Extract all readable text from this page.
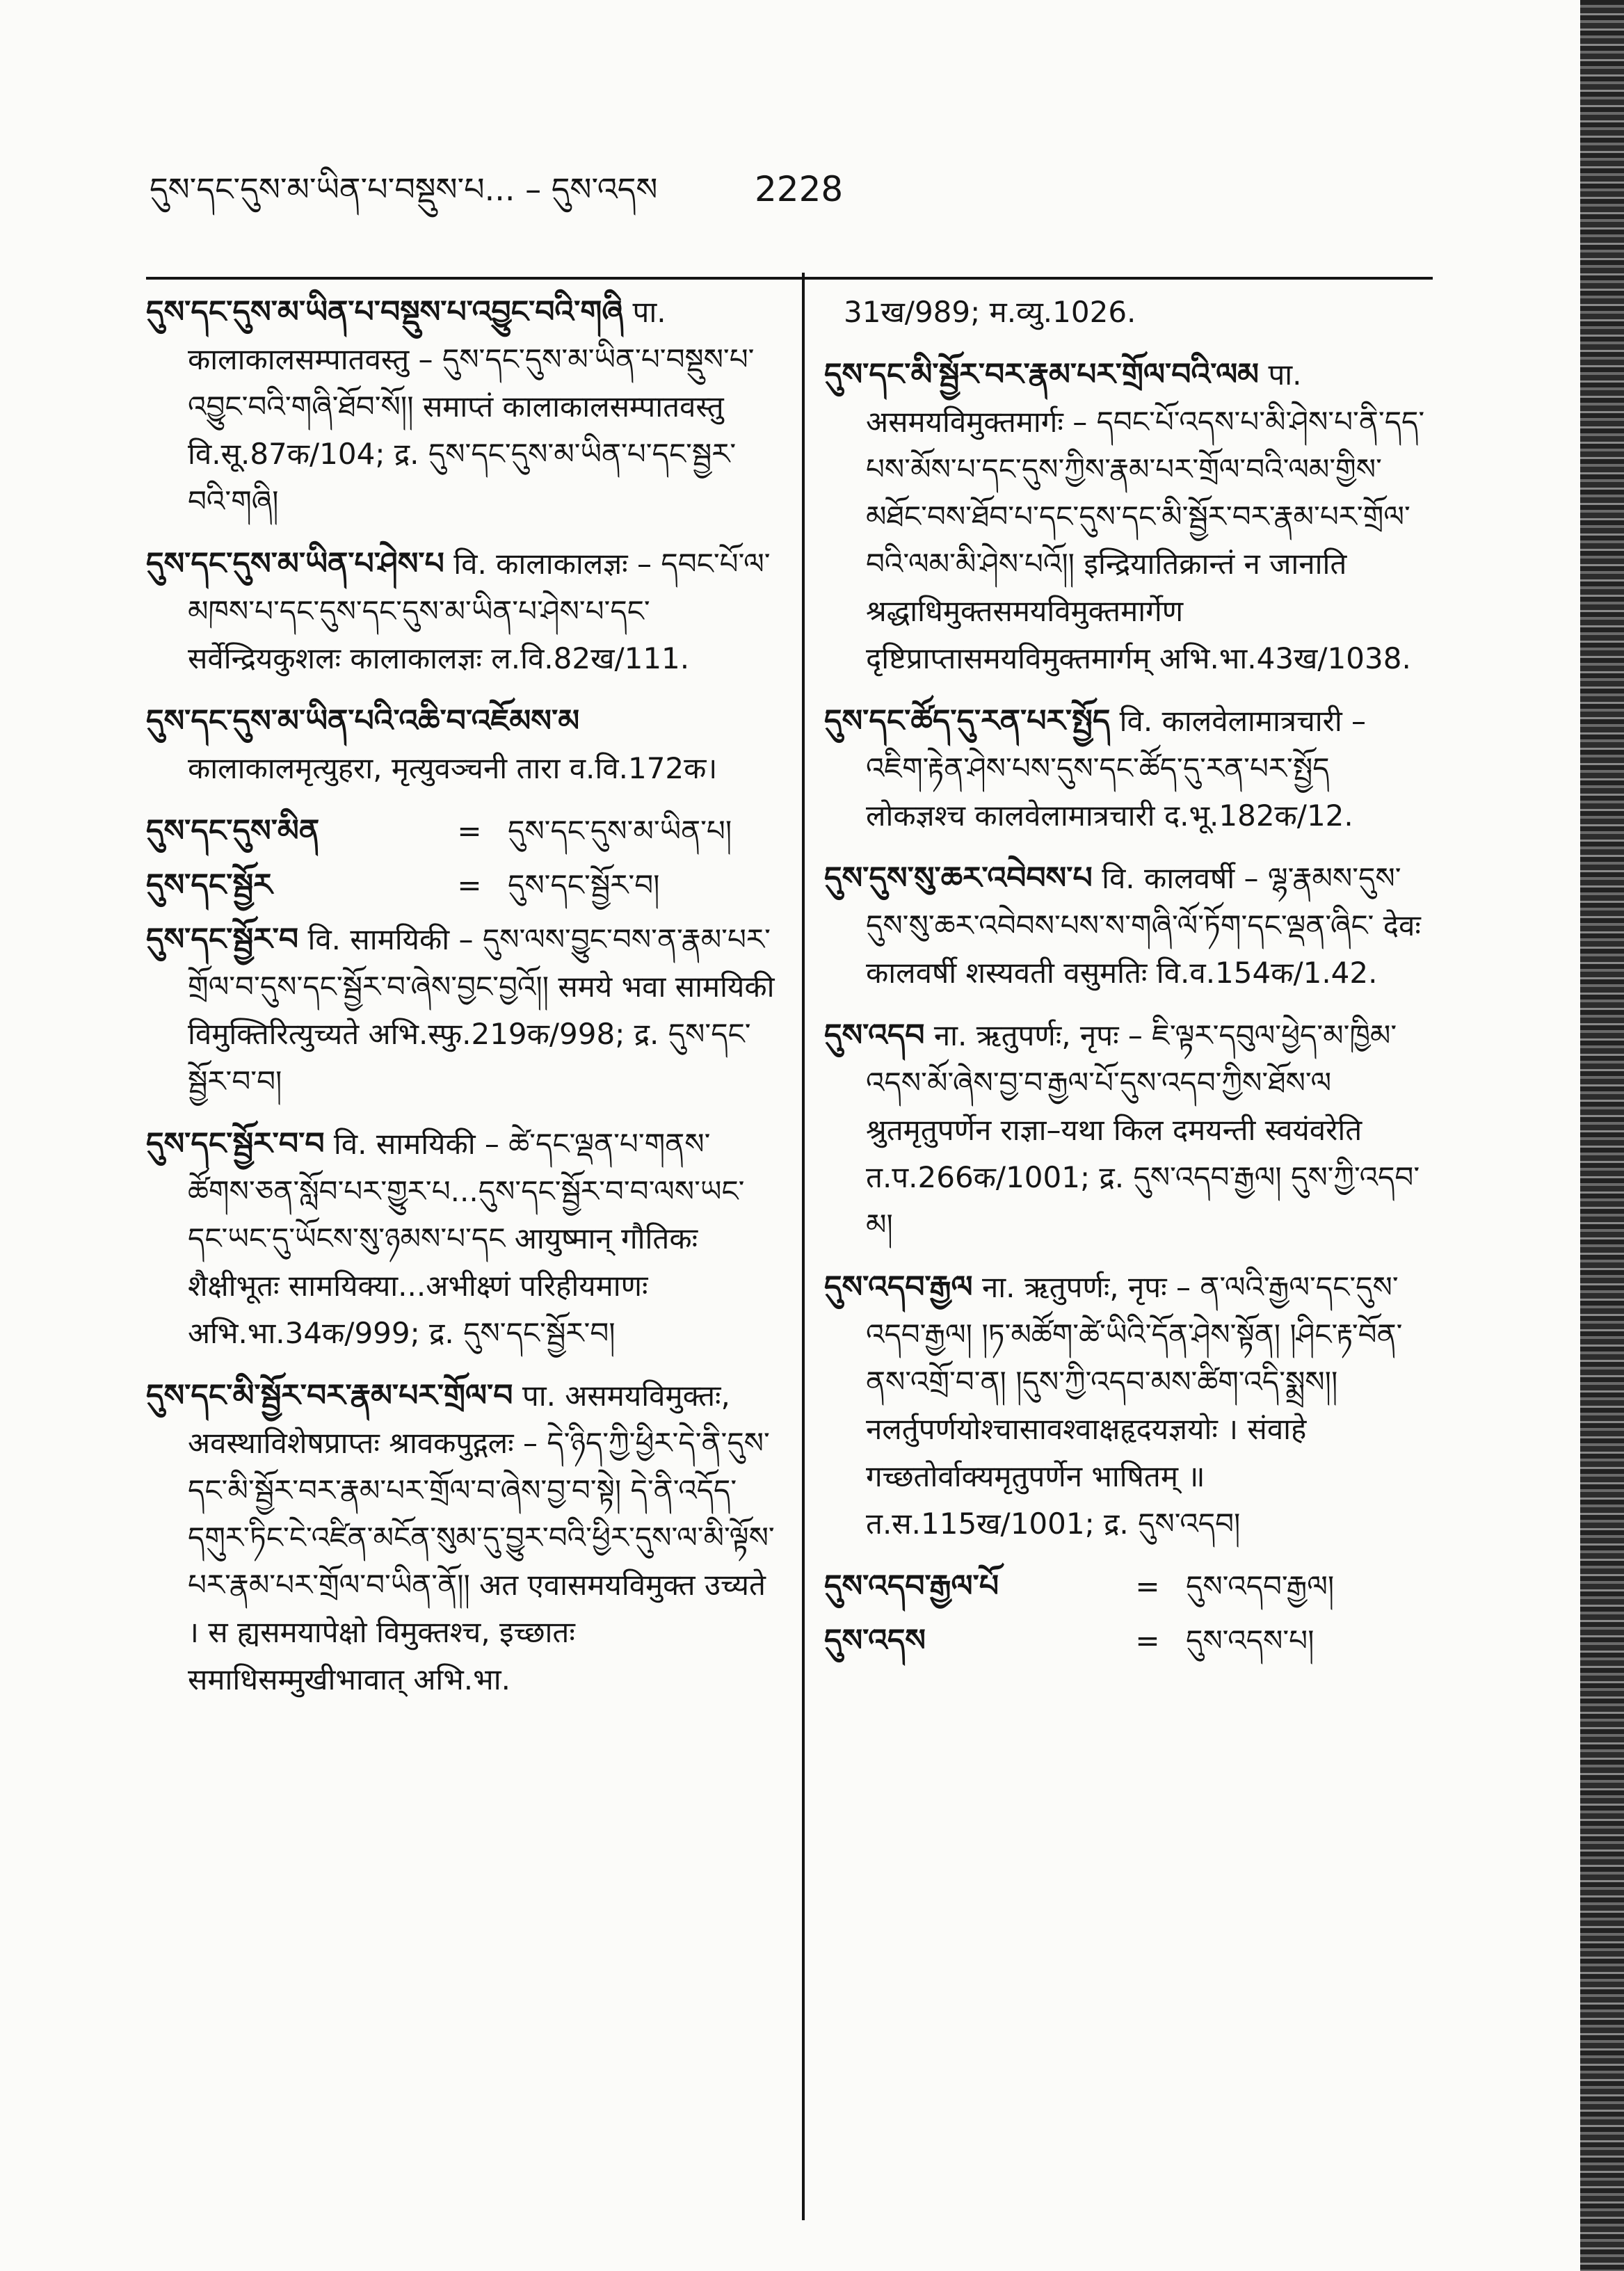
དུས་དང་དུས་མ་ཡིན་པ་བསྡུས་པ... – དུས་འདས	2228
དུས་དང་དུས་མ་ཡིན་པ་བསྡུས་པ་འབྱུང་བའི་གཞི पा. कालाकालसम्पातवस्तु – དུས་དང་དུས་མ་ཡིན་པ་བསྡུས་པ་འབྱུང་བའི་གཞི་ཐོབ་སོ།། समाप्तं कालाकालसम्पातवस्तु वि.सू.87क/104; द्र. དུས་དང་དུས་མ་ཡིན་པ་དང་སྦྱར་བའི་གཞི།
དུས་དང་དུས་མ་ཡིན་པ་ཤེས་པ वि. कालाकालज्ञः – དབང་པོ་ལ་མཁས་པ་དང་དུས་དང་དུས་མ་ཡིན་པ་ཤེས་པ་དང་ सर्वेन्द्रियकुशलः कालाकालज्ञः ल.वि.82ख/111.
དུས་དང་དུས་མ་ཡིན་པའི་འཆི་བ་འཇོམས་མ कालाकालमृत्युहरा, मृत्युवञ्चनी तारा व.वि.172क।
དུས་དང་དུས་མིན	= དུས་དང་དུས་མ་ཡིན་པ།
དུས་དང་སྦྱོར	= དུས་དང་སྦྱོར་བ།
དུས་དང་སྦྱོར་བ वि. सामयिकी – དུས་ལས་བྱུང་བས་ན་རྣམ་པར་གྲོལ་བ་དུས་དང་སྦྱོར་བ་ཞེས་བྱང་བྱའོ།། समये भवा सामयिकी विमुक्तिरित्युच्यते अभि.स्फु.219क/998; द्र. དུས་དང་སྦྱོར་བ་བ།
དུས་དང་སྦྱོར་བ་བ वि. सामयिकी – ཚེ་དང་ལྡན་པ་གནས་ཚོགས་ཅན་སློབ་པར་གྱུར་པ...དུས་དང་སྦྱོར་བ་བ་ལས་ཡང་དང་ཡང་དུ་ཡོངས་སུ་ཉམས་པ་དང आयुष्मान् गौतिकः शैक्षीभूतः सामयिक्या...अभीक्ष्णं परिहीयमाणः अभि.भा.34क/999; द्र. དུས་དང་སྦྱོར་བ།
དུས་དང་མི་སྦྱོར་བར་རྣམ་པར་གྲོལ་བ पा. असमयविमुक्तः, अवस्थाविशेषप्राप्तः श्रावकपुद्गलः – དེ་ཉིད་ཀྱི་ཕྱིར་དེ་ནི་དུས་དང་མི་སྦྱོར་བར་རྣམ་པར་གྲོལ་བ་ཞེས་བྱ་བ་སྟེ། དེ་ནི་འདོད་དགུར་ཏིང་ངེ་འཛིན་མངོན་སུམ་དུ་བྱུར་བའི་ཕྱིར་དུས་ལ་མི་ལྟོས་པར་རྣམ་པར་གྲོལ་བ་ཡིན་ནོ།། अत एवासमयविमुक्त उच्यते । स ह्यसमयापेक्षो विमुक्तश्च, इच्छातः समाधिसम्मुखीभावात् अभि.भा.
31ख/989; म.व्यु.1026.
དུས་དང་མི་སྦྱོར་བར་རྣམ་པར་གྲོལ་བའི་ལམ पा. असमयविमुक्तमार्गः – དབང་པོ་འདས་པ་མི་ཤེས་པ་ནི་དད་པས་མོས་པ་དང་དུས་ཀྱིས་རྣམ་པར་གྲོལ་བའི་ལམ་གྱིས་མཐོང་བས་ཐོབ་པ་དང་དུས་དང་མི་སྦྱོར་བར་རྣམ་པར་གྲོལ་བའི་ལམ་མི་ཤེས་པའོ།། इन्द्रियातिक्रान्तं न जानाति श्रद्धाधिमुक्तसमयविमुक्तमार्गेण दृष्टिप्राप्तासमयविमुक्तमार्गम् अभि.भा.43ख/1038.
དུས་དང་ཚོད་དུ་རན་པར་སྤྱོད वि. कालवेलामात्रचारी – འཇིག་རྟེན་ཤེས་པས་དུས་དང་ཚོད་དུ་རན་པར་སྤྱོད लोकज्ञश्च कालवेलामात्रचारी द.भू.182क/12.
དུས་དུས་སུ་ཆར་འབེབས་པ वि. कालवर्षी – ལྷ་རྣམས་དུས་དུས་སུ་ཆར་འབེབས་པས་ས་གཞི་ལོ་ཏོག་དང་ལྡན་ཞིང་ देवः कालवर्षी शस्यवती वसुमतिः वि.व.154क/1.42.
དུས་འདབ ना. ऋतुपर्णः, नृपः – ཇི་ལྟར་དབུལ་ཕྱེད་མ་ཁྱིམ་འདས་མོ་ཞེས་བྱ་བ་རྒྱལ་པོ་དུས་འདབ་ཀྱིས་ཐོས་ལ श्रुतमृतुपर्णेन राज्ञा–यथा किल दमयन्ती स्वयंवरेति त.प.266क/1001; द्र. དུས་འདབ་རྒྱལ། དུས་ཀྱི་འདབ་མ།
དུས་འདབ་རྒྱལ ना. ऋतुपर्णः, नृपः – ན་ལའི་རྒྱལ་དང་དུས་འདབ་རྒྱལ། །ཏ་མཚོག་ཚེ་ཡིའི་དོན་ཤེས་སྟོན། །ཤིང་རྟ་བོན་ནས་འགྲོ་བ་ན། །དུས་ཀྱི་འདབ་མས་ཚིག་འདི་སྨྲས།། नलर्तुपर्णयोश्चासावश्वाक्षहृदयज्ञयोः । संवाहे गच्छतोर्वाक्यमृतुपर्णेन भाषितम् ॥ त.स.115ख/1001; द्र. དུས་འདབ།
དུས་འདབ་རྒྱལ་པོ	= དུས་འདབ་རྒྱལ།
དུས་འདས	= དུས་འདས་པ།
